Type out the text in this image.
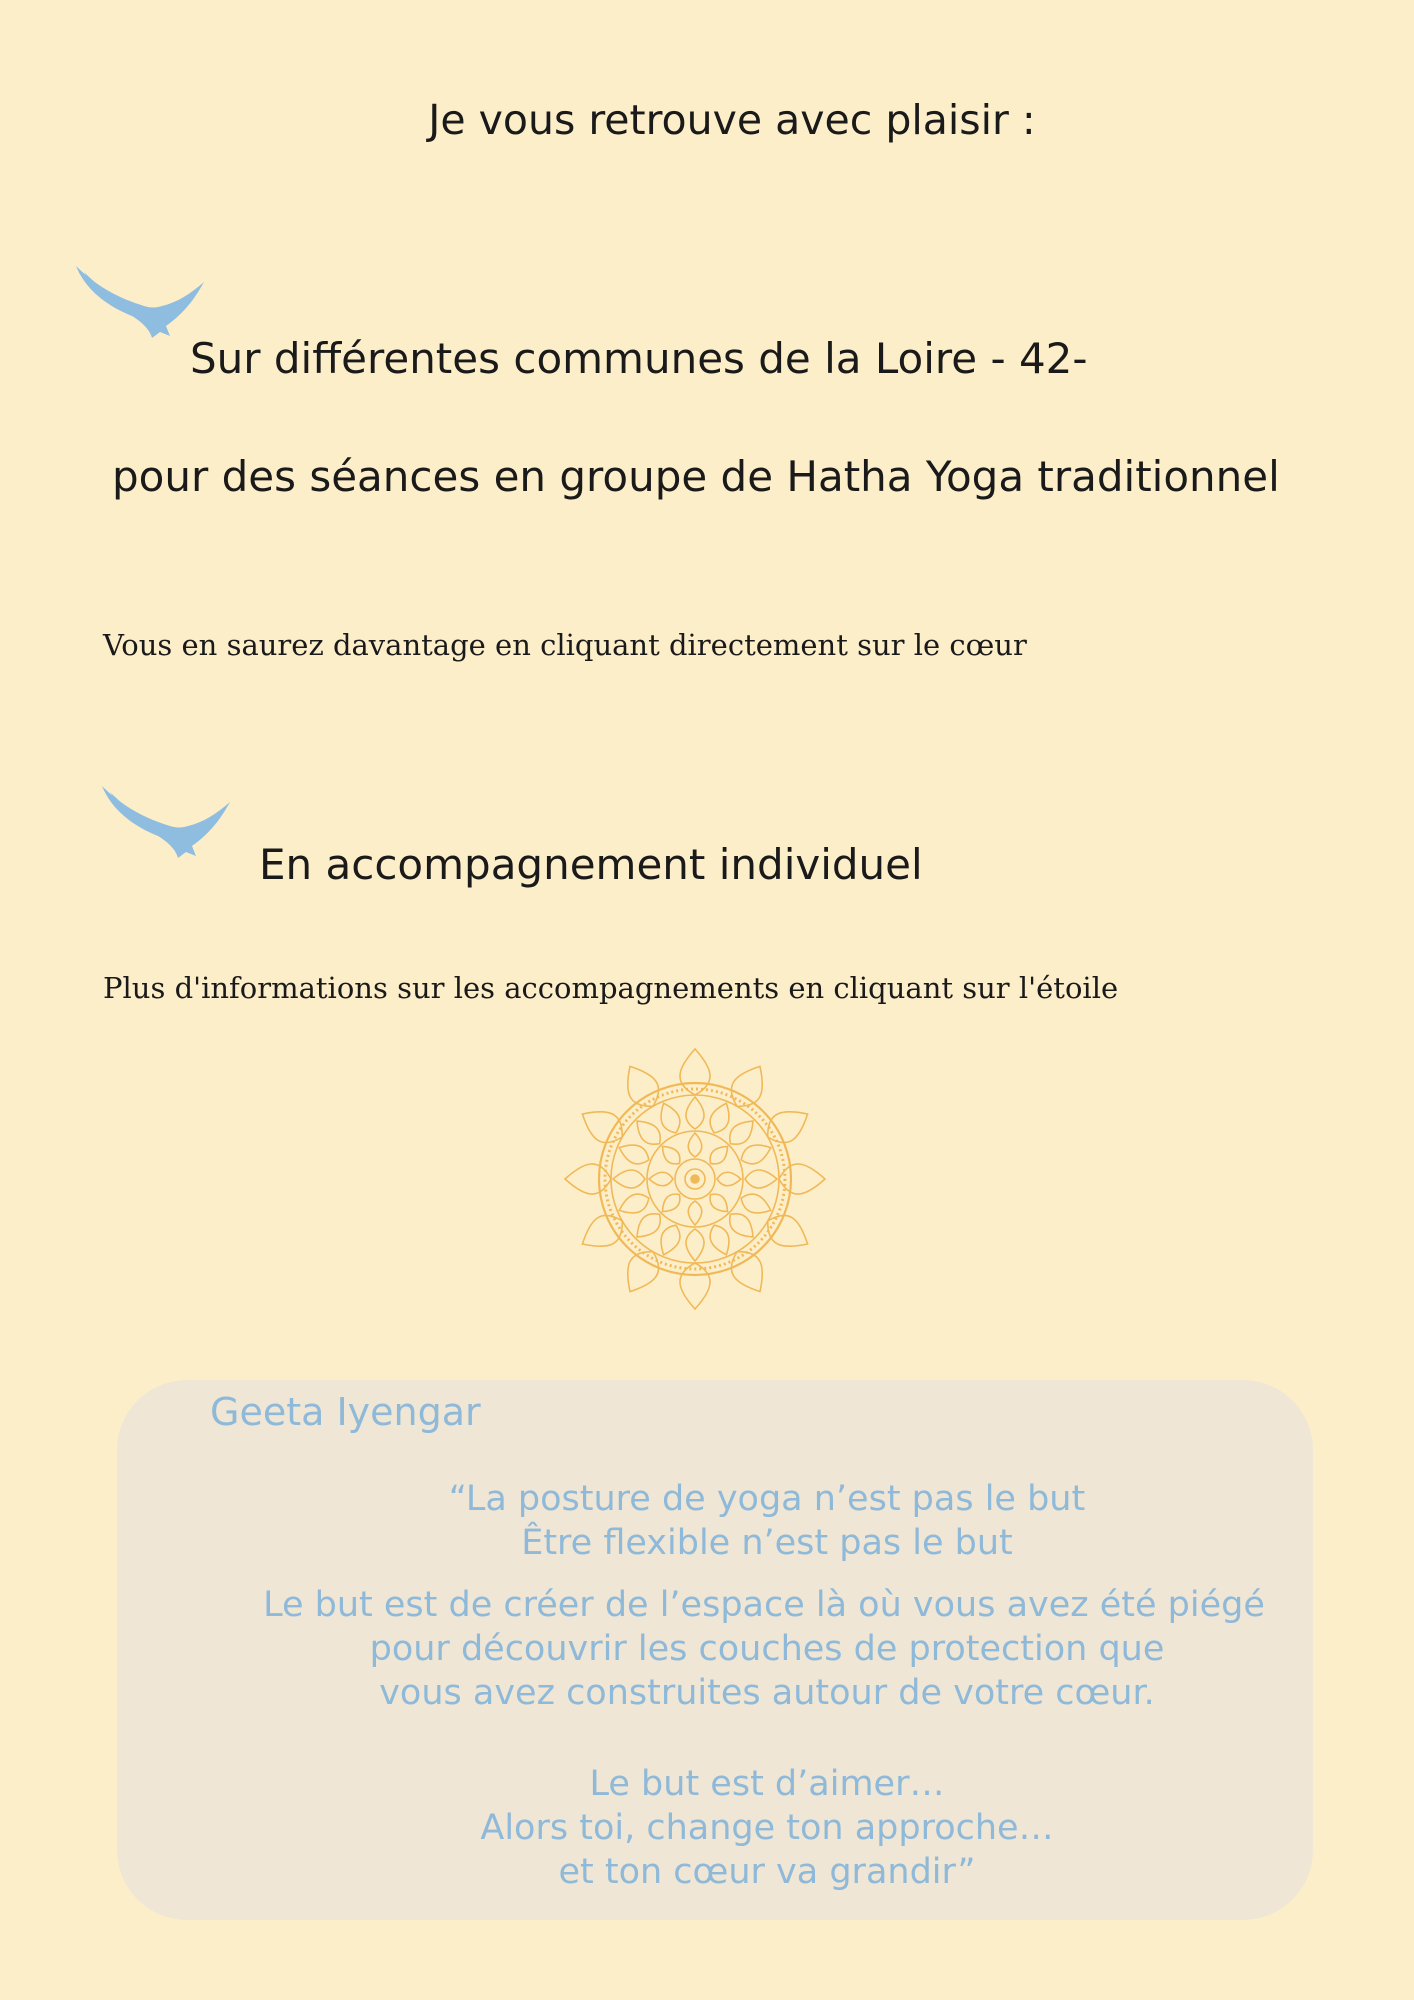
Je vous retrouve avec plaisir :
Sur différentes communes de la Loire - 42-
pour des séances en groupe de Hatha Yoga traditionnel
Vous en saurez davantage en cliquant directement sur le cœur
En accompagnement individuel
Plus d'informations sur les accompagnements en cliquant sur l'étoile
Geeta Iyengar
“La posture de yoga n’est pas le but
Être flexible n’est pas le but
Le but est de créer de l’espace là où vous avez été piégé
pour découvrir les couches de protection que
vous avez construites autour de votre cœur.
Le but est d’aimer…
Alors toi, change ton approche…
et ton cœur va grandir”
